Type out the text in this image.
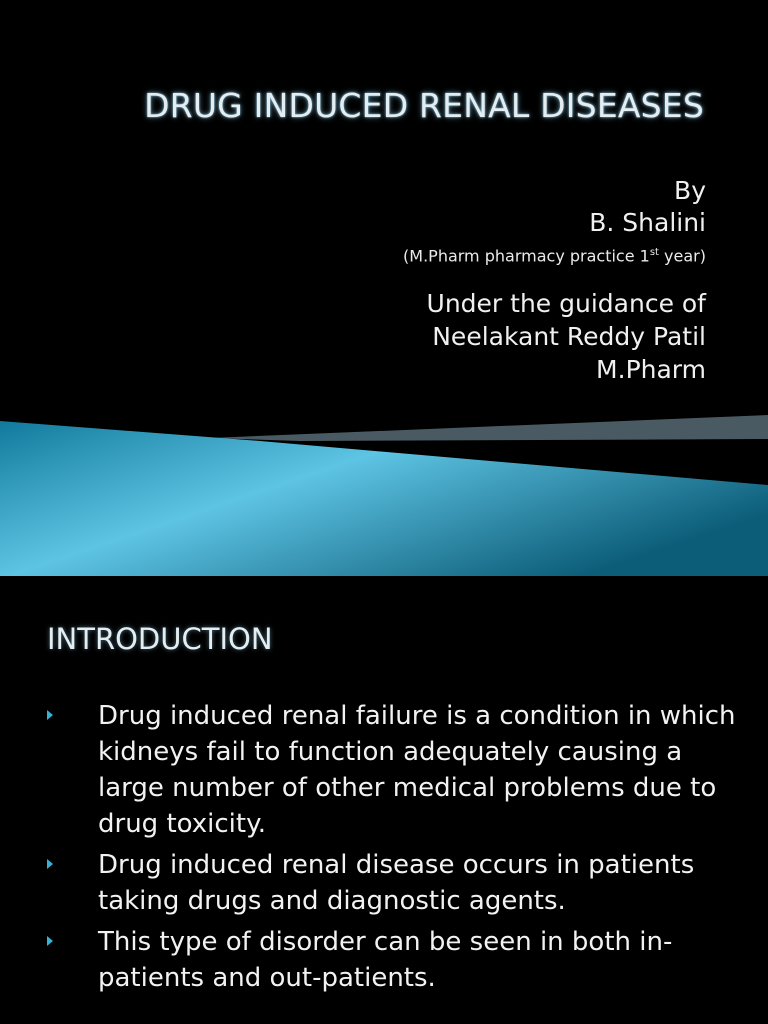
DRUG INDUCED RENAL DISEASES
By
B. Shalini
(M.Pharm pharmacy practice 1st year)
Under the guidance of
Neelakant Reddy Patil
M.Pharm
INTRODUCTION
Drug induced renal failure is a condition in which kidneys fail to function adequately causing a large number of other medical problems due to drug toxicity.
Drug induced renal disease occurs in patients taking drugs and diagnostic agents.
This type of disorder can be seen in both in-patients and out-patients.
